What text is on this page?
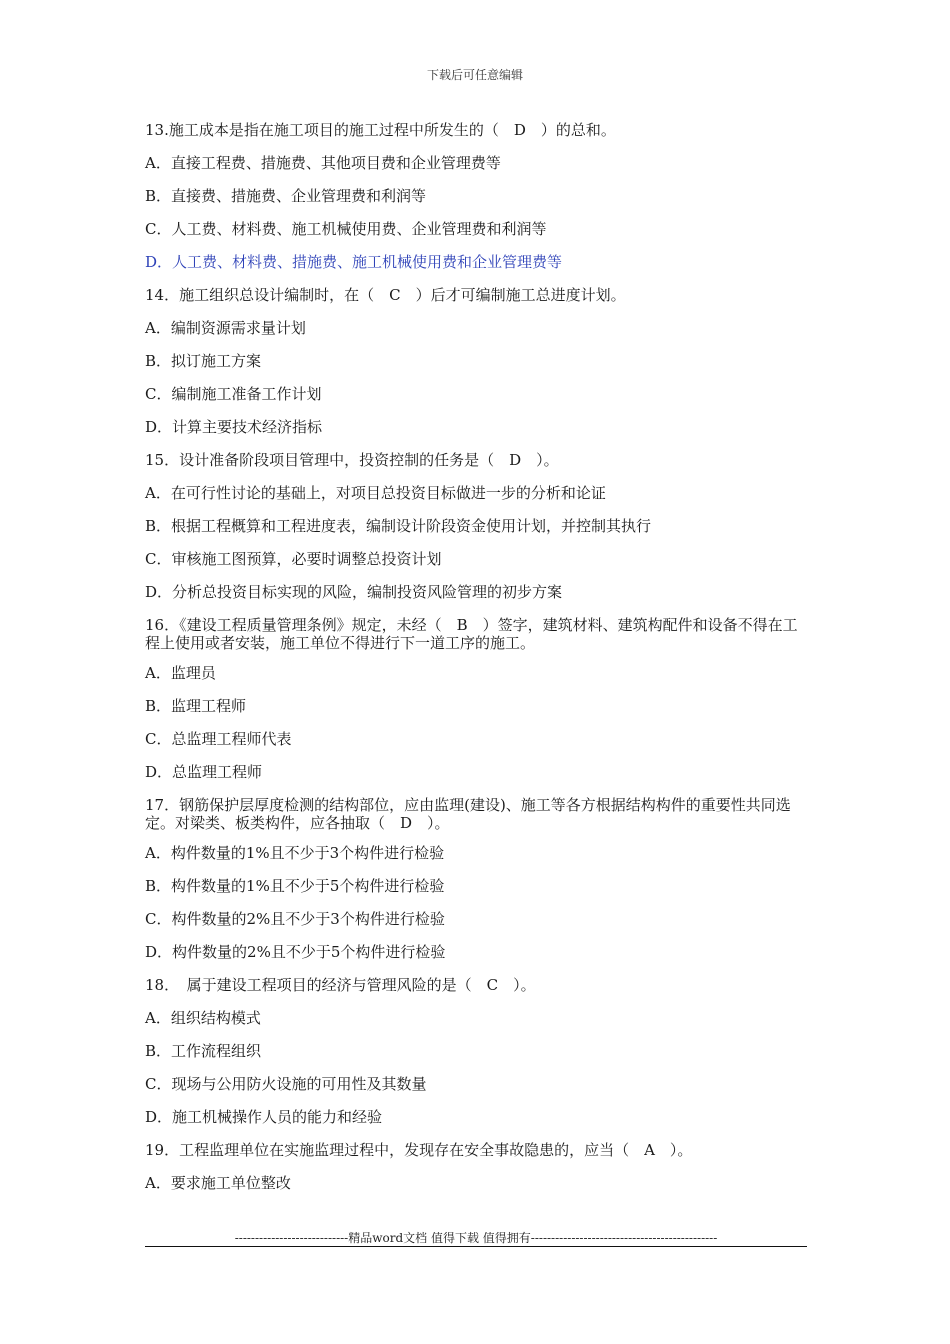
下载后可任意编辑
13.施工成本是指在施工项目的施工过程中所发生的（　D　）的总和。
A．直接工程费、措施费、其他项目费和企业管理费等
B．直接费、措施费、企业管理费和利润等
C．人工费、材料费、施工机械使用费、企业管理费和利润等
D．人工费、材料费、措施费、施工机械使用费和企业管理费等
14．施工组织总设计编制时，在（　C　）后才可编制施工总进度计划。
A．编制资源需求量计划
B．拟订施工方案
C．编制施工准备工作计划
D．计算主要技术经济指标
15．设计准备阶段项目管理中，投资控制的任务是（　D　）。
A．在可行性讨论的基础上，对项目总投资目标做进一步的分析和论证
B．根据工程概算和工程进度表，编制设计阶段资金使用计划，并控制其执行
C．审核施工图预算，必要时调整总投资计划
D．分析总投资目标实现的风险，编制投资风险管理的初步方案
16．《建设工程质量管理条例》规定，未经（　B　）签字，建筑材料、建筑构配件和设备不得在工程上使用或者安装，施工单位不得进行下一道工序的施工。
A．监理员
B．监理工程师
C．总监理工程师代表
D．总监理工程师
17．钢筋保护层厚度检测的结构部位，应由监理(建设)、施工等各方根据结构构件的重要性共同选定。对梁类、板类构件，应各抽取（　D　）。
A．构件数量的1%且不少于3个构件进行检验
B．构件数量的1%且不少于5个构件进行检验
C．构件数量的2%且不少于3个构件进行检验
D．构件数量的2%且不少于5个构件进行检验
18．　属于建设工程项目的经济与管理风险的是（　C　）。
A．组织结构模式
B．工作流程组织
C．现场与公用防火设施的可用性及其数量
D．施工机械操作人员的能力和经验
19．工程监理单位在实施监理过程中，发现存在安全事故隐患的，应当（　A　）。
A．要求施工单位整改
----------------------------精品word文档 值得下载 值得拥有----------------------------------------------
